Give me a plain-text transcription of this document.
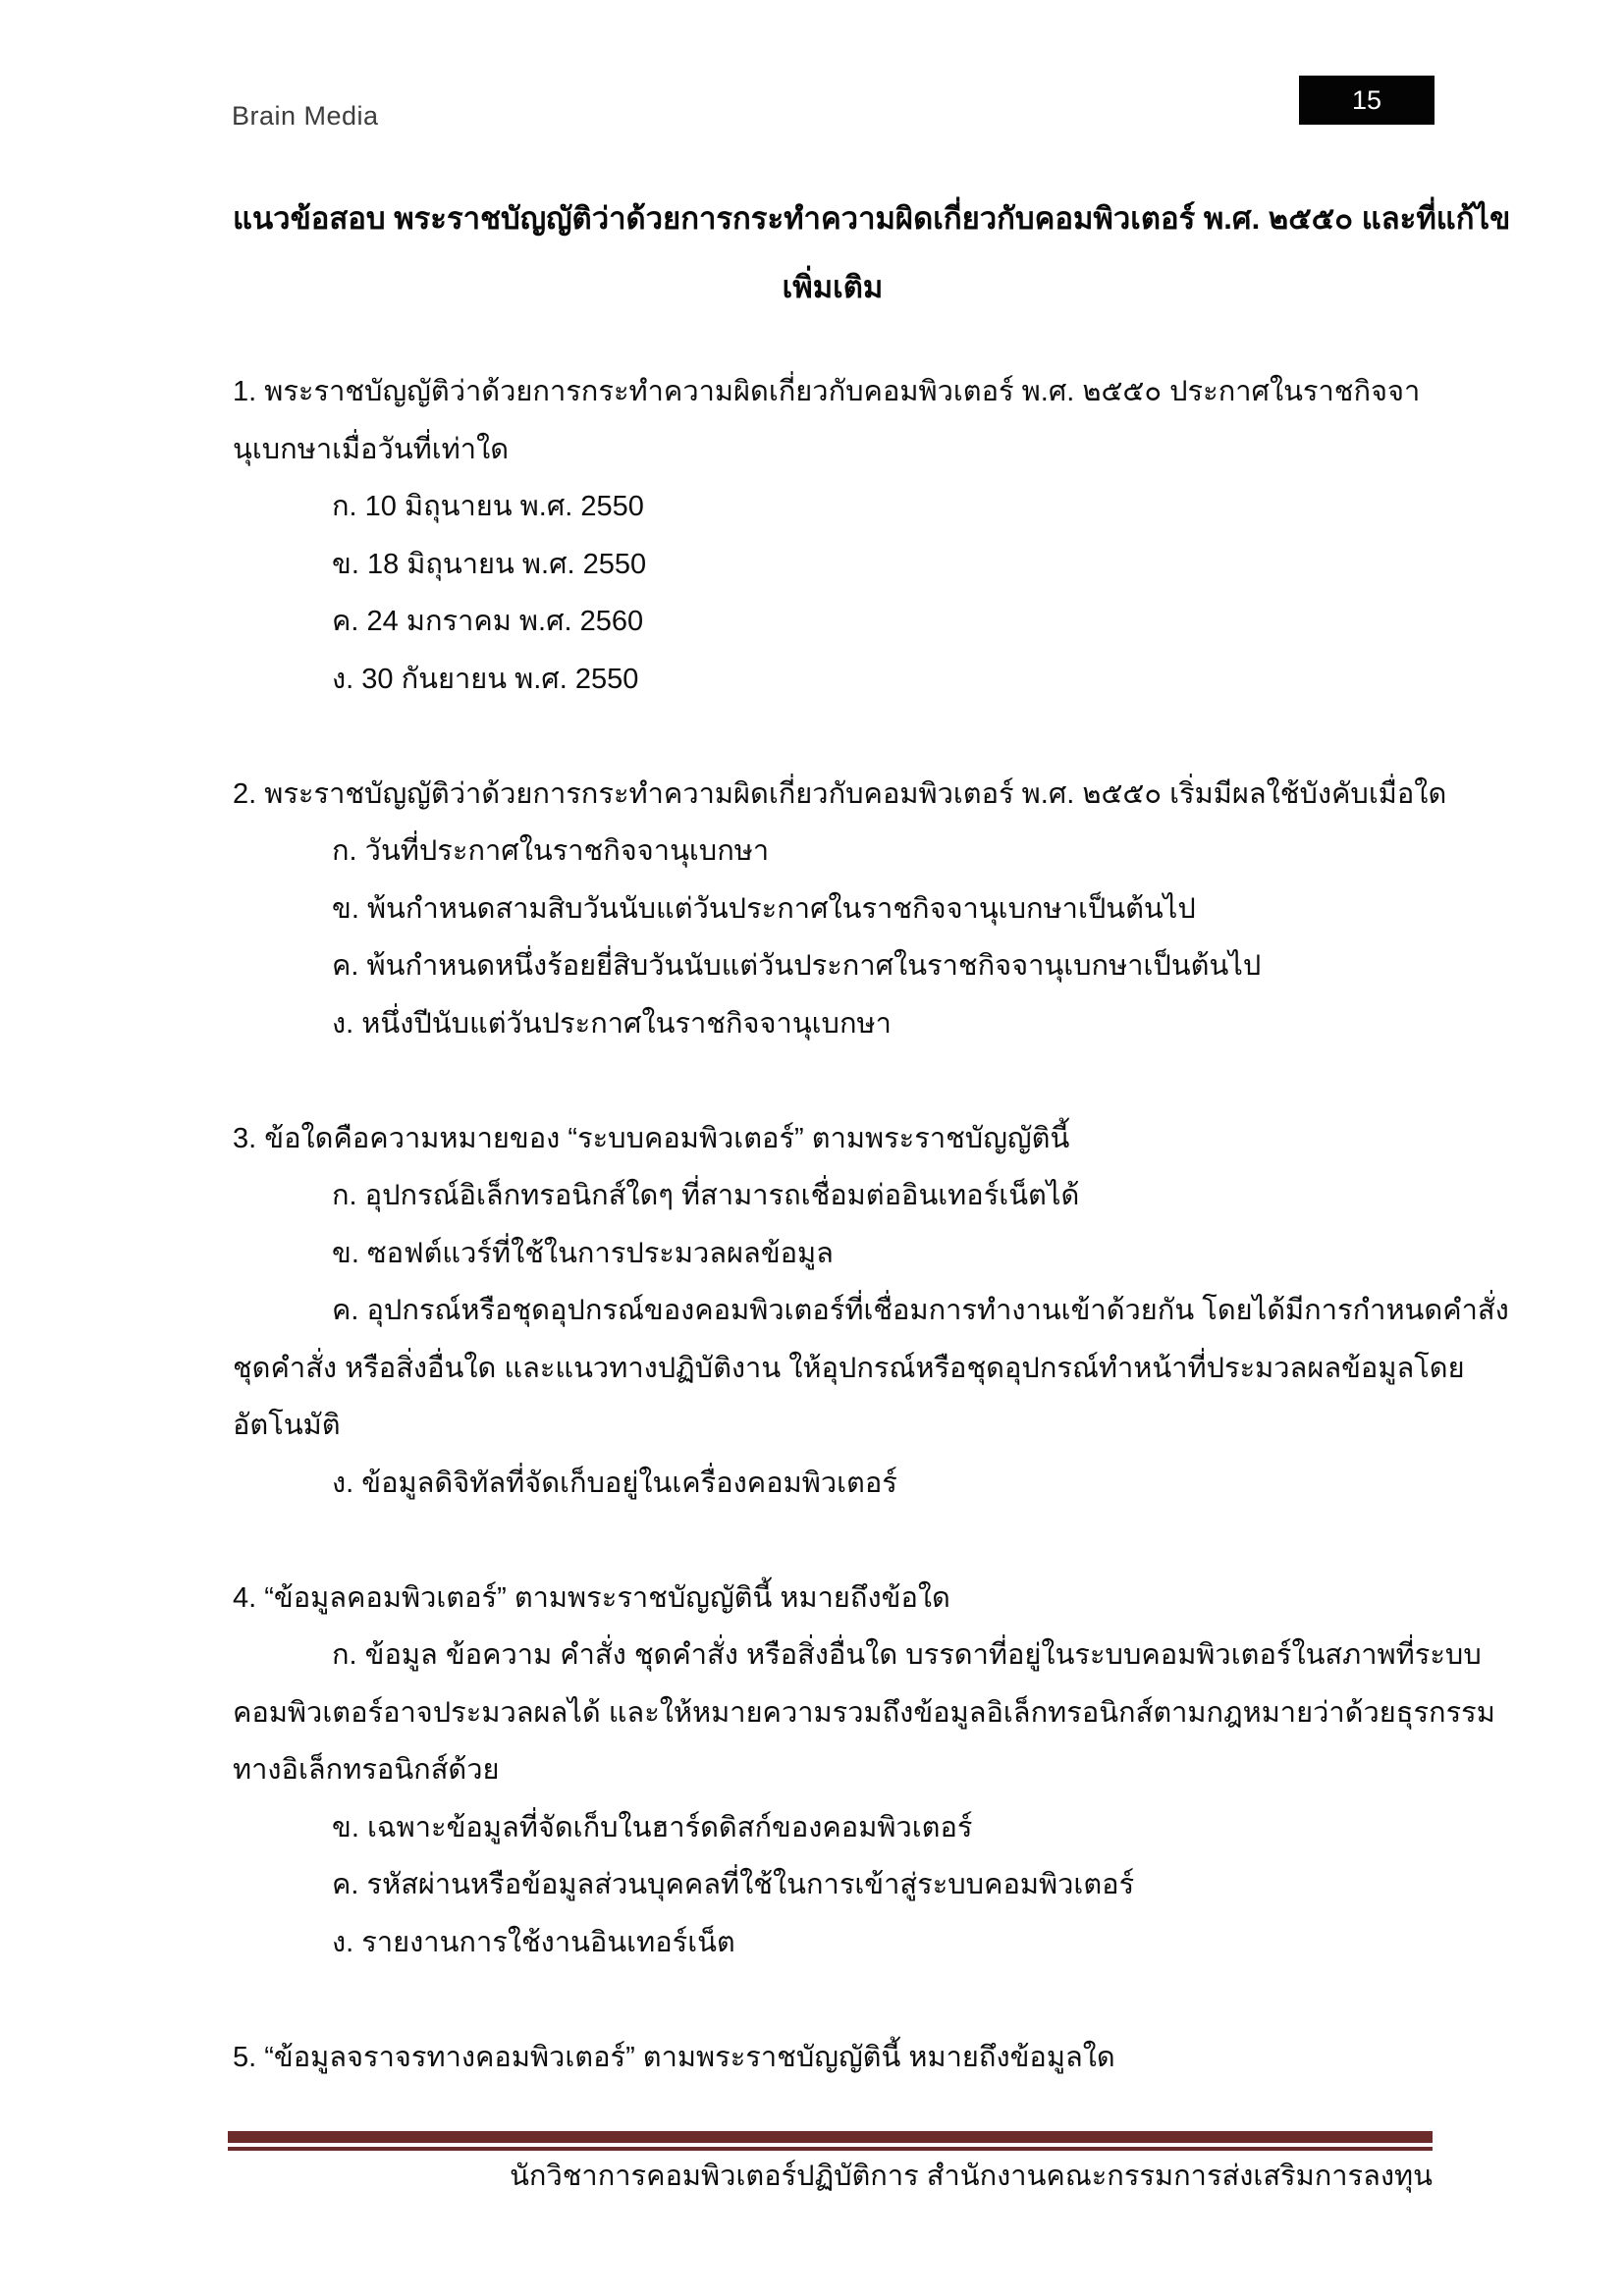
Brain Media
15
แนวข้อสอบ พระราชบัญญัติว่าด้วยการกระทำความผิดเกี่ยวกับคอมพิวเตอร์ พ.ศ. ๒๕๕๐ และที่แก้ไข
เพิ่มเติม
1. พระราชบัญญัติว่าด้วยการกระทำความผิดเกี่ยวกับคอมพิวเตอร์ พ.ศ. ๒๕๕๐ ประกาศในราชกิจจา
นุเบกษาเมื่อวันที่เท่าใด
ก. 10 มิถุนายน พ.ศ. 2550
ข. 18 มิถุนายน พ.ศ. 2550
ค. 24 มกราคม พ.ศ. 2560
ง. 30 กันยายน พ.ศ. 2550
2. พระราชบัญญัติว่าด้วยการกระทำความผิดเกี่ยวกับคอมพิวเตอร์ พ.ศ. ๒๕๕๐ เริ่มมีผลใช้บังคับเมื่อใด
ก. วันที่ประกาศในราชกิจจานุเบกษา
ข. พ้นกำหนดสามสิบวันนับแต่วันประกาศในราชกิจจานุเบกษาเป็นต้นไป
ค. พ้นกำหนดหนึ่งร้อยยี่สิบวันนับแต่วันประกาศในราชกิจจานุเบกษาเป็นต้นไป
ง. หนึ่งปีนับแต่วันประกาศในราชกิจจานุเบกษา
3. ข้อใดคือความหมายของ “ระบบคอมพิวเตอร์” ตามพระราชบัญญัตินี้
ก. อุปกรณ์อิเล็กทรอนิกส์ใดๆ ที่สามารถเชื่อมต่ออินเทอร์เน็ตได้
ข. ซอฟต์แวร์ที่ใช้ในการประมวลผลข้อมูล
ค. อุปกรณ์หรือชุดอุปกรณ์ของคอมพิวเตอร์ที่เชื่อมการทำงานเข้าด้วยกัน โดยได้มีการกำหนดคำสั่ง
ชุดคำสั่ง หรือสิ่งอื่นใด และแนวทางปฏิบัติงาน ให้อุปกรณ์หรือชุดอุปกรณ์ทำหน้าที่ประมวลผลข้อมูลโดย
อัตโนมัติ
ง. ข้อมูลดิจิทัลที่จัดเก็บอยู่ในเครื่องคอมพิวเตอร์
4. “ข้อมูลคอมพิวเตอร์” ตามพระราชบัญญัตินี้ หมายถึงข้อใด
ก. ข้อมูล ข้อความ คำสั่ง ชุดคำสั่ง หรือสิ่งอื่นใด บรรดาที่อยู่ในระบบคอมพิวเตอร์ในสภาพที่ระบบ
คอมพิวเตอร์อาจประมวลผลได้ และให้หมายความรวมถึงข้อมูลอิเล็กทรอนิกส์ตามกฎหมายว่าด้วยธุรกรรม
ทางอิเล็กทรอนิกส์ด้วย
ข. เฉพาะข้อมูลที่จัดเก็บในฮาร์ดดิสก์ของคอมพิวเตอร์
ค. รหัสผ่านหรือข้อมูลส่วนบุคคลที่ใช้ในการเข้าสู่ระบบคอมพิวเตอร์
ง. รายงานการใช้งานอินเทอร์เน็ต
5. “ข้อมูลจราจรทางคอมพิวเตอร์” ตามพระราชบัญญัตินี้ หมายถึงข้อมูลใด
นักวิชาการคอมพิวเตอร์ปฏิบัติการ สำนักงานคณะกรรมการส่งเสริมการลงทุน
